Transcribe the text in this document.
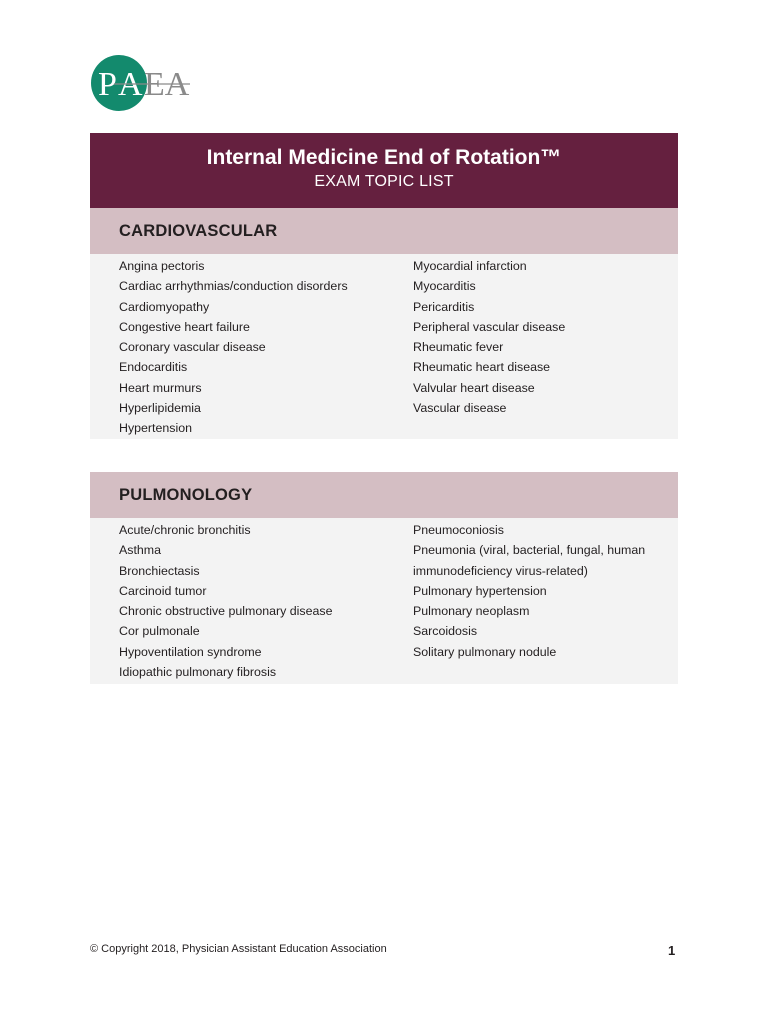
P A EA
Internal Medicine End of Rotation™
EXAM TOPIC LIST
CARDIOVASCULAR
Angina pectoris
Cardiac arrhythmias/conduction disorders
Cardiomyopathy
Congestive heart failure
Coronary vascular disease
Endocarditis
Heart murmurs
Hyperlipidemia
Hypertension
Myocardial infarction
Myocarditis
Pericarditis
Peripheral vascular disease
Rheumatic fever
Rheumatic heart disease
Valvular heart disease
Vascular disease
PULMONOLOGY
Acute/chronic bronchitis
Asthma
Bronchiectasis
Carcinoid tumor
Chronic obstructive pulmonary disease
Cor pulmonale
Hypoventilation syndrome
Idiopathic pulmonary fibrosis
Pneumoconiosis
Pneumonia (viral, bacterial, fungal, human
immunodeficiency virus-related)
Pulmonary hypertension
Pulmonary neoplasm
Sarcoidosis
Solitary pulmonary nodule
© Copyright 2018, Physician Assistant Education Association	1
